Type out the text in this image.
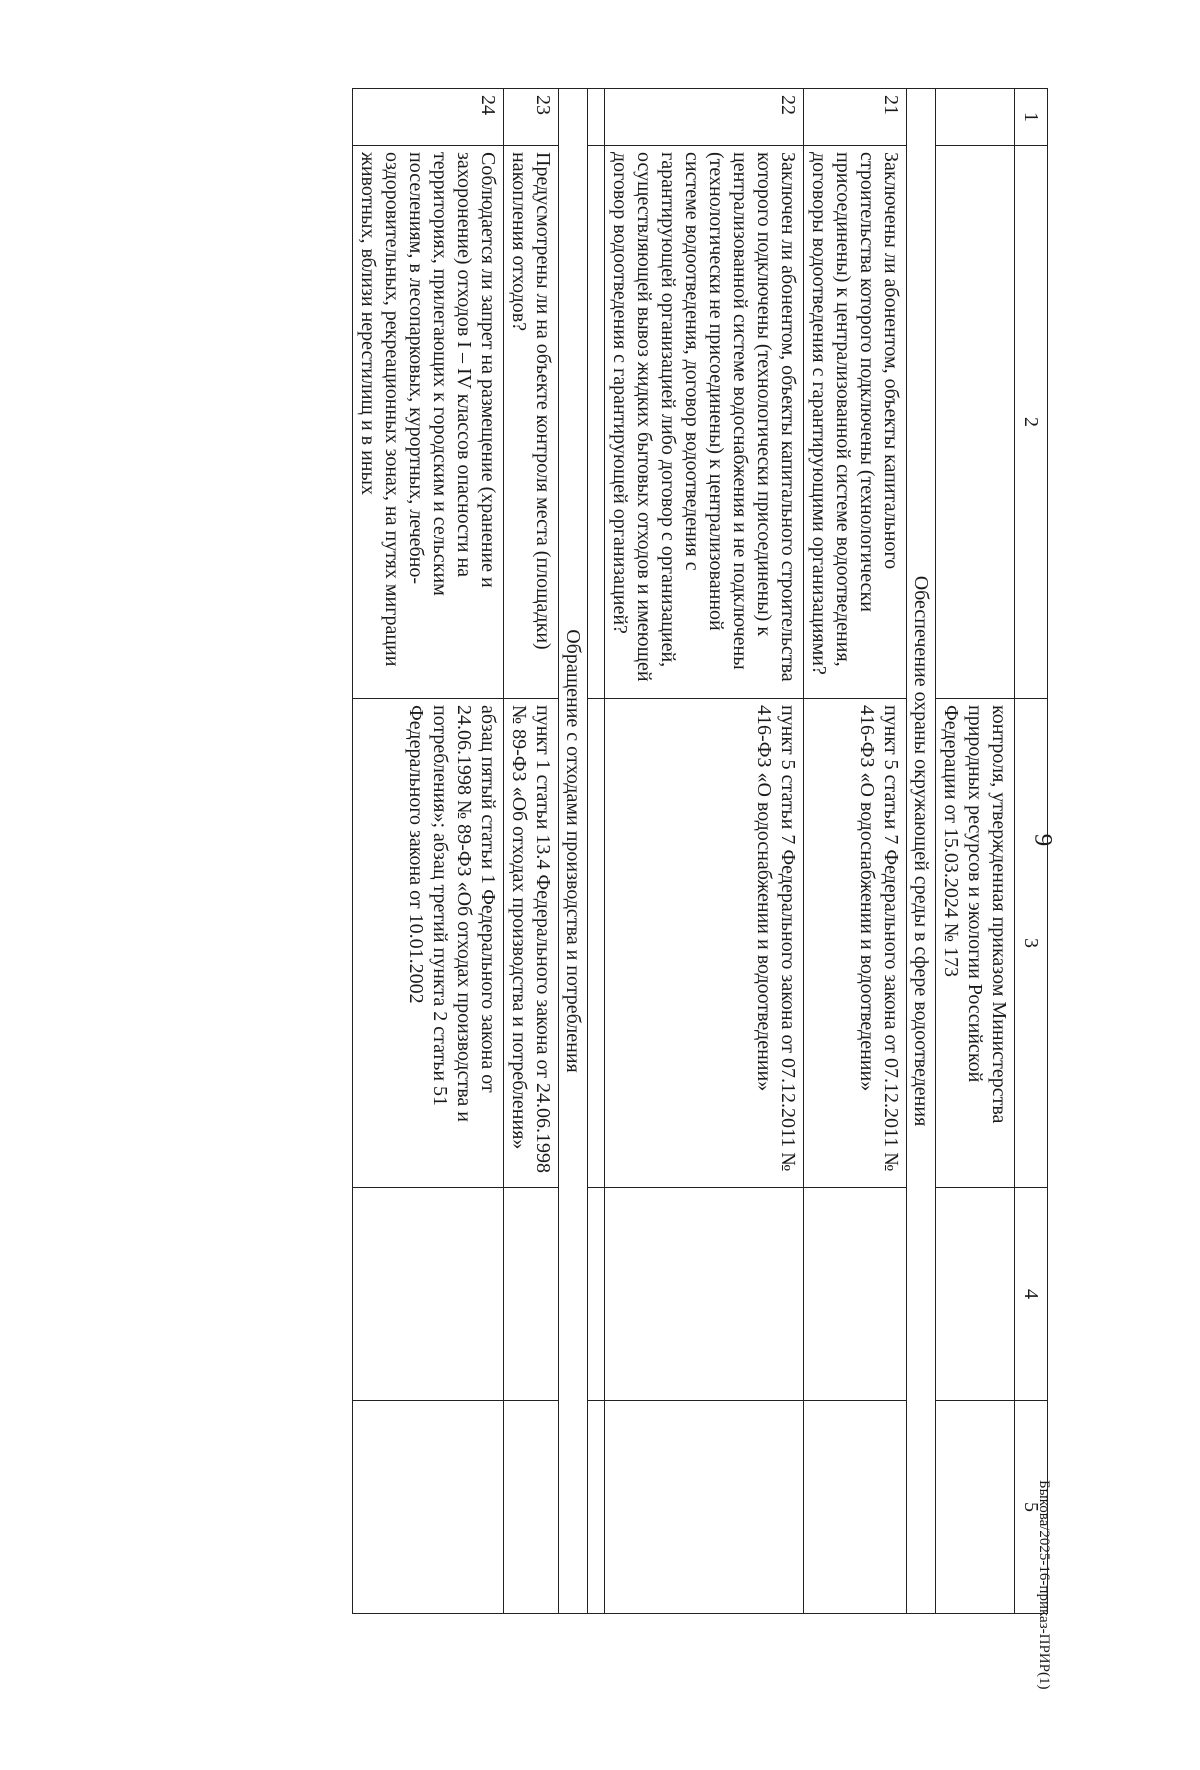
9
Быкова/2025-16-приказ-ПРИР(1)
1	2	3	4	5
		контроля, утвержденная приказом Министерства природных ресурсов и экологии Российской Федерации от 15.03.2024 № 173		
Обеспечение охраны окружающей среды в сфере водоотведения				
21	Заключены ли абонентом, объекты капитального строительства которого подключены (технологически присоединены) к централизованной системе водоотведения, договоры водоотведения с гарантирующими организациями?	пункт 5 статьи 7 Федерального закона от 07.12.2011 № 416-ФЗ «О водоснабжении и водоотведении»		
22	Заключен ли абонентом, объекты капитального строительства которого подключены (технологически присоединены) к централизованной системе водоснабжения и не подключены (технологически не присоединены) к централизованной системе водоотведения, договор водоотведения с гарантирующей организацией либо договор с организацией, осуществляющей вывоз жидких бытовых отходов и имеющей договор водоотведения с гарантирующей организацией?	пункт 5 статьи 7 Федерального закона от 07.12.2011 № 416-ФЗ «О водоснабжении и водоотведении»		

Обращение с отходами производства и потребления				
23	Предусмотрены ли на объекте контроля места (площадки) накопления отходов?	пункт 1 статьи 13.4 Федерального закона от 24.06.1998 № 89-ФЗ «Об отходах производства и потребления»		
24	Соблюдается ли запрет на размещение (хранение и захоронение) отходов I – IV классов опасности на территориях, прилегающих к городским и сельским поселениям, в лесопарковых, курортных, лечебно-оздоровительных, рекреационных зонах, на путях миграции животных, вблизи нерестилищ и в иных	абзац пятый статьи 1 Федерального закона от 24.06.1998 № 89-ФЗ «Об отходах производства и потребления»; абзац третий пункта 2 статьи 51 Федерального закона от 10.01.2002		
